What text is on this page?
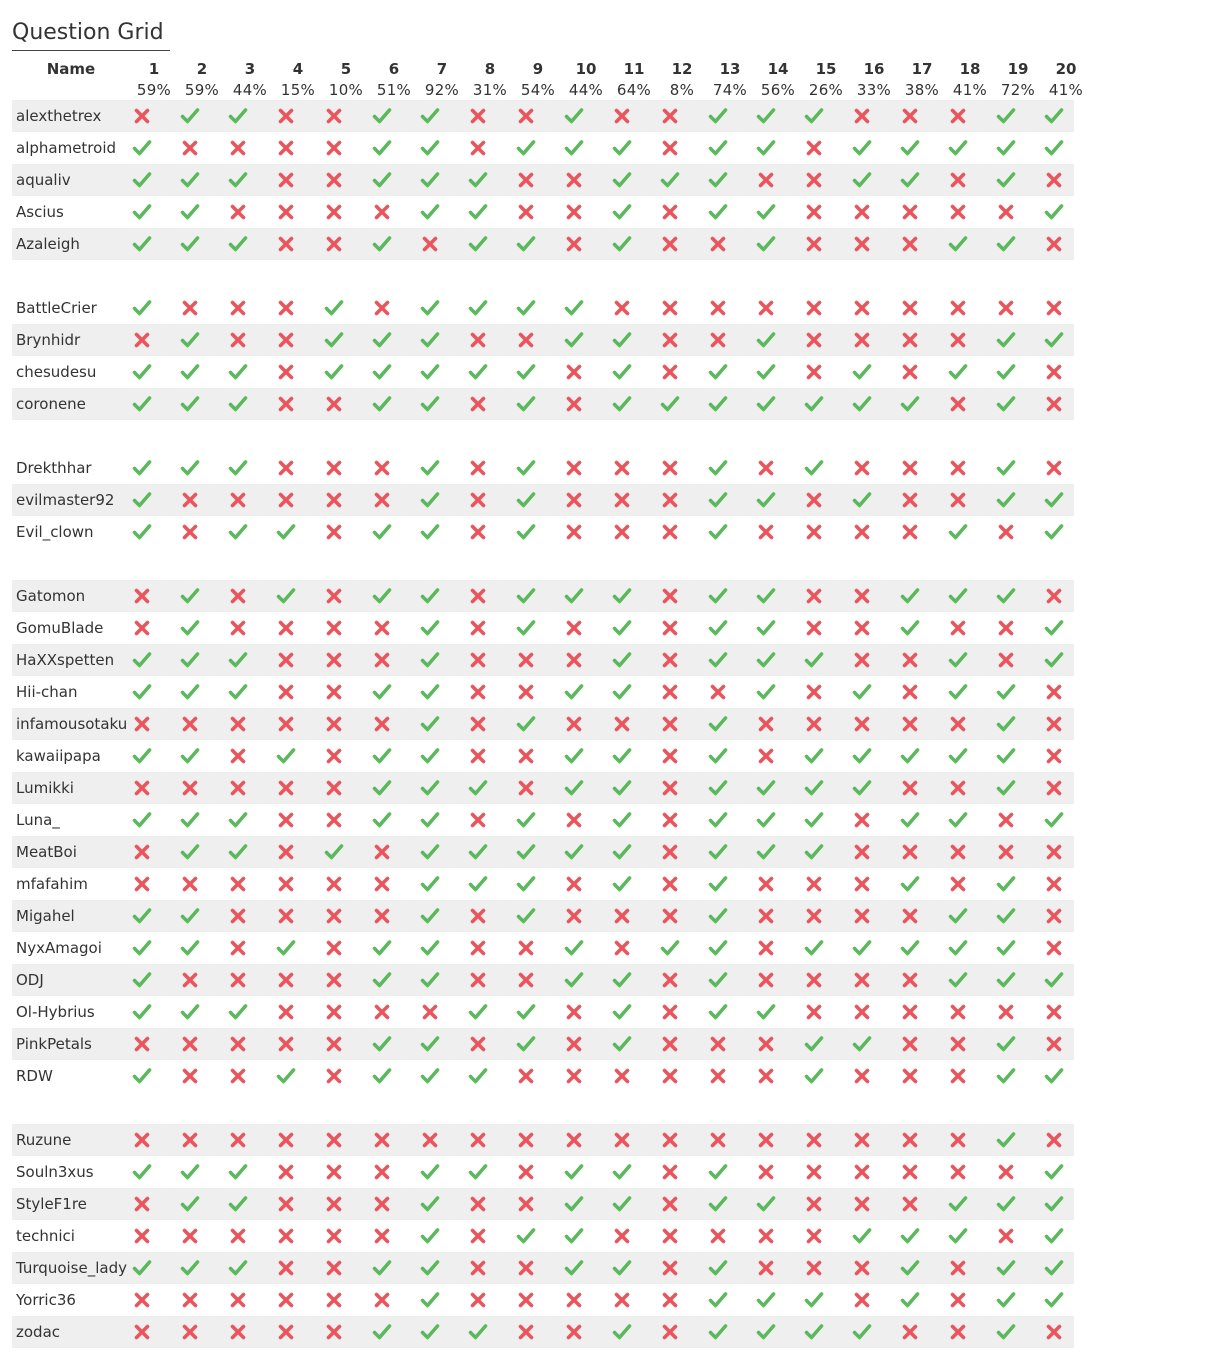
Question Grid
Name	1
59%
2
59%
3
44%
4
15%
5
10%
6
51%
7
92%
8
31%
9
54%
10
44%
11
64%
12
8%
13
74%
14
56%
15
26%
16
33%
17
38%
18
41%
19
72%
20
41%
alexthetrex
alphametroid
aqualiv
Ascius
Azaleigh
BattleCrier
Brynhidr
chesudesu
coronene
Drekthhar
evilmaster92
Evil_clown
Gatomon
GomuBlade
HaXXspetten
Hii-chan
infamousotaku
kawaiipapa
Lumikki
Luna_
MeatBoi
mfafahim
Migahel
NyxAmagoi
ODJ
Ol-Hybrius
PinkPetals
RDW
Ruzune
Souln3xus
StyleF1re
technici
Turquoise_lady
Yorric36
zodac
